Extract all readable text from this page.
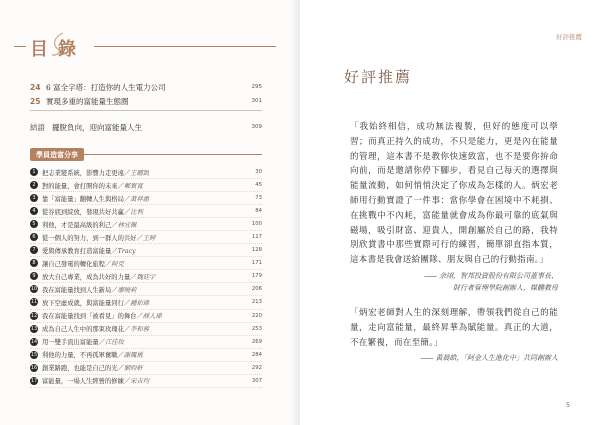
目錄
24 6 富全字塔：打造你的人生電力公司	295
25 實現多重的富能量生態圈	301
結語 擺脫負向，迎向富能量人生	309
學員造富分享
1	把志業變系統，影響力走更遠／王贈凱	30
2	對的能量，會打開你的未來／鄭賀寬	45
3	靠「富能量」翻轉人生與格局／黃祥惠	73
4	從谷底到綻放，發現共好共贏／比利	84
5	利他，才是最高級的利己／林宜佩	100
6	從一個人的努力，到一群人的共好／王婷	117
7	愛與傳承教育打造富能量／Tracy	128
8	讓自己發電的轉化旅程／阿克	171
9	放大自己專業，成為共好的力量／魏廷宇	179
10 我在富能量找到人生新局／廖曉莉	206
11 放下空虛成就，與富能量同行／鍾佑瑋	213
12 我在富能量找到「被看見」的舞台／薛人瑋	220
13 成為自己人生中的那束玫瑰花／李和蓉	253
14 用一雙手流出富能量／江佳玫	269
15 利他的力量，不再孤軍奮戰／謝鳳桃	284
16 創業路跑，也能是自己的光／劉昀軒	292
17 富能量，一場人生經營的修練／宋吉均	307
好評推薦
好評推薦
「我始終相信，成功無法複製，但好的態度可以學習；而真正持久的成功，不只是能力，更是內在能量的管理，這本書不是教你快速致富，也不是要你拚命向前，而是邀請你停下腳步，看見自己每天的選擇與能量流動，如何悄悄決定了你成為怎樣的人。炳宏老師用行動實證了一件事：當你學會在困境中不耗損、在挑戰中不內耗，富能量就會成為你最可靠的底氣與磁場，吸引財富、迎貴人，開創屬於自己的路，我特別欣賞書中那些實際可行的練習，簡單卻直指本質，這本書是我會送給團隊、朋友與自己的行動指南。」
—— 余翊，智邦投資股份有限公司董事長、
財行者管理學院創辦人、媒體教母
「炳宏老師對人生的深刻理解，帶領我們從自己的能量，走向富能量，最終昇華為賦能量。真正的大道，不在繁複，而在至簡。」
—— 黃晨皓，「阿金人生進化中」共同創辦人
5
